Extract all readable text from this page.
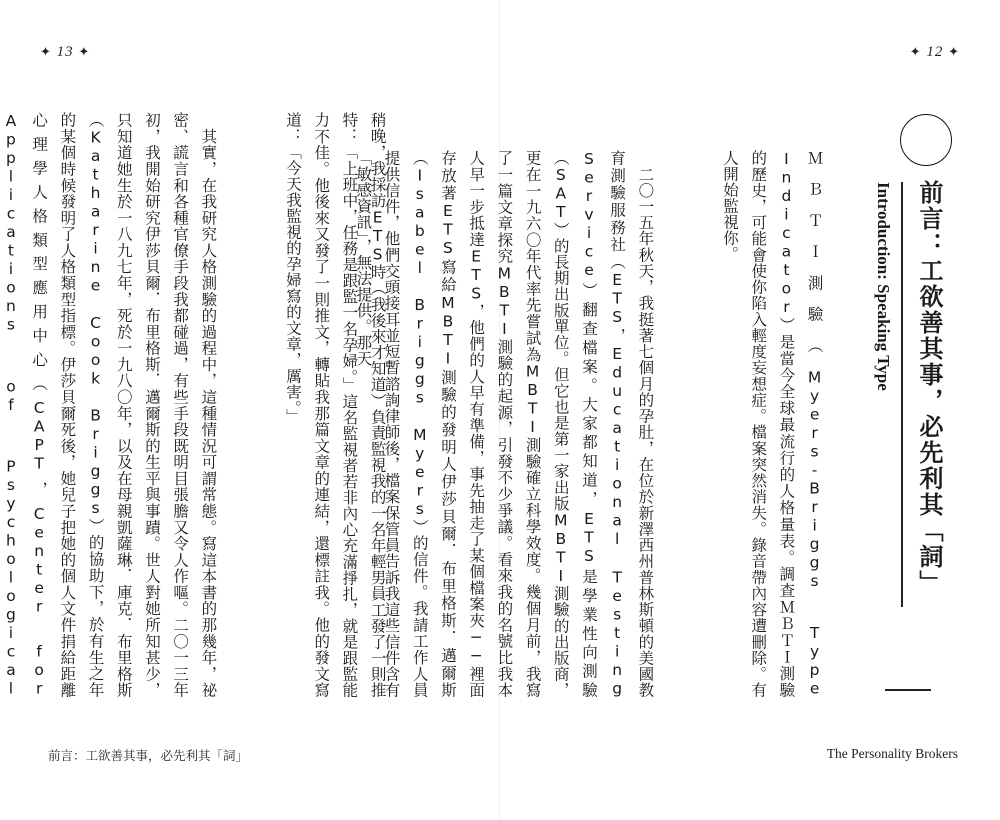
✦ 13 ✦

稍晚，我採訪ETS時（我後來才知道）負責監視我的一名年輕男員工發了一則推特：「上班中，任務是跟監一名孕婦。」這名監視者若非內心充滿掙扎，就是跟監能力不佳。他後來又發了一則推文，轉貼我那篇文章的連結，還標註我。他的發文寫道：「今天我監視的孕婦寫的文章，厲害。」

　其實，在我研究人格測驗的過程中，這種情況可謂常態。寫這本書的那幾年，祕密、謊言和各種官僚手段我都碰過，有些手段既明目張膽又令人作嘔。二〇一三年初，我開始研究伊莎貝爾．布里格斯．邁爾斯的生平與事蹟。世人對她所知甚少，只知道她生於一八九七年，死於一九八〇年，以及在母親凱薩琳．庫克．布里格斯（Katharine Cook Briggs）的協助下，於有生之年的某個時候發明了人格類型指標。伊莎貝爾死後，她兒子把她的個人文件捐給距離心理學人格類型應用中心（CAPT，Center for Applications of Psychological

前言：工欲善其事，必先利其「詞」
✦ 12 ✦
前言：工欲善其事，必先利其「詞」
Introduction: Speaking Type

ＭＢＴＩ測驗（Myers-Briggs Type Indicator）是當今全球最流行的人格量表。調查ＭＢＴＩ測驗的歷史，可能會使你陷入輕度妄想症。檔案突然消失。錄音帶內容遭刪除。有人開始監視你。

　二〇一五年秋天，我挺著七個月的孕肚，在位於新澤西州普林斯頓的美國教育測驗服務社（ETS，Educational Testing Service）翻查檔案。大家都知道，ETS是學業性向測驗（SAT）的長期出版單位。但它也是第一家出版MBTI測驗的出版商，更在一九六〇年代率先嘗試為MBTI測驗確立科學效度。幾個月前，我寫了一篇文章探究MBTI測驗的起源，引發不少爭議。看來我的名號比我本人早一步抵達ETS，他們的人早有準備，事先抽走了某個檔案夾──裡面存放著ETS寫給MBTI測驗的發明人伊莎貝爾．布里格斯．邁爾斯（Isabel Briggs Myers）的信件。我請工作人員提供信件，他們交頭接耳並短暫諮詢律師後，檔案保管員告訴我這些信件含有「敏感資訊」，無法提供。那天

The Personality Brokers
